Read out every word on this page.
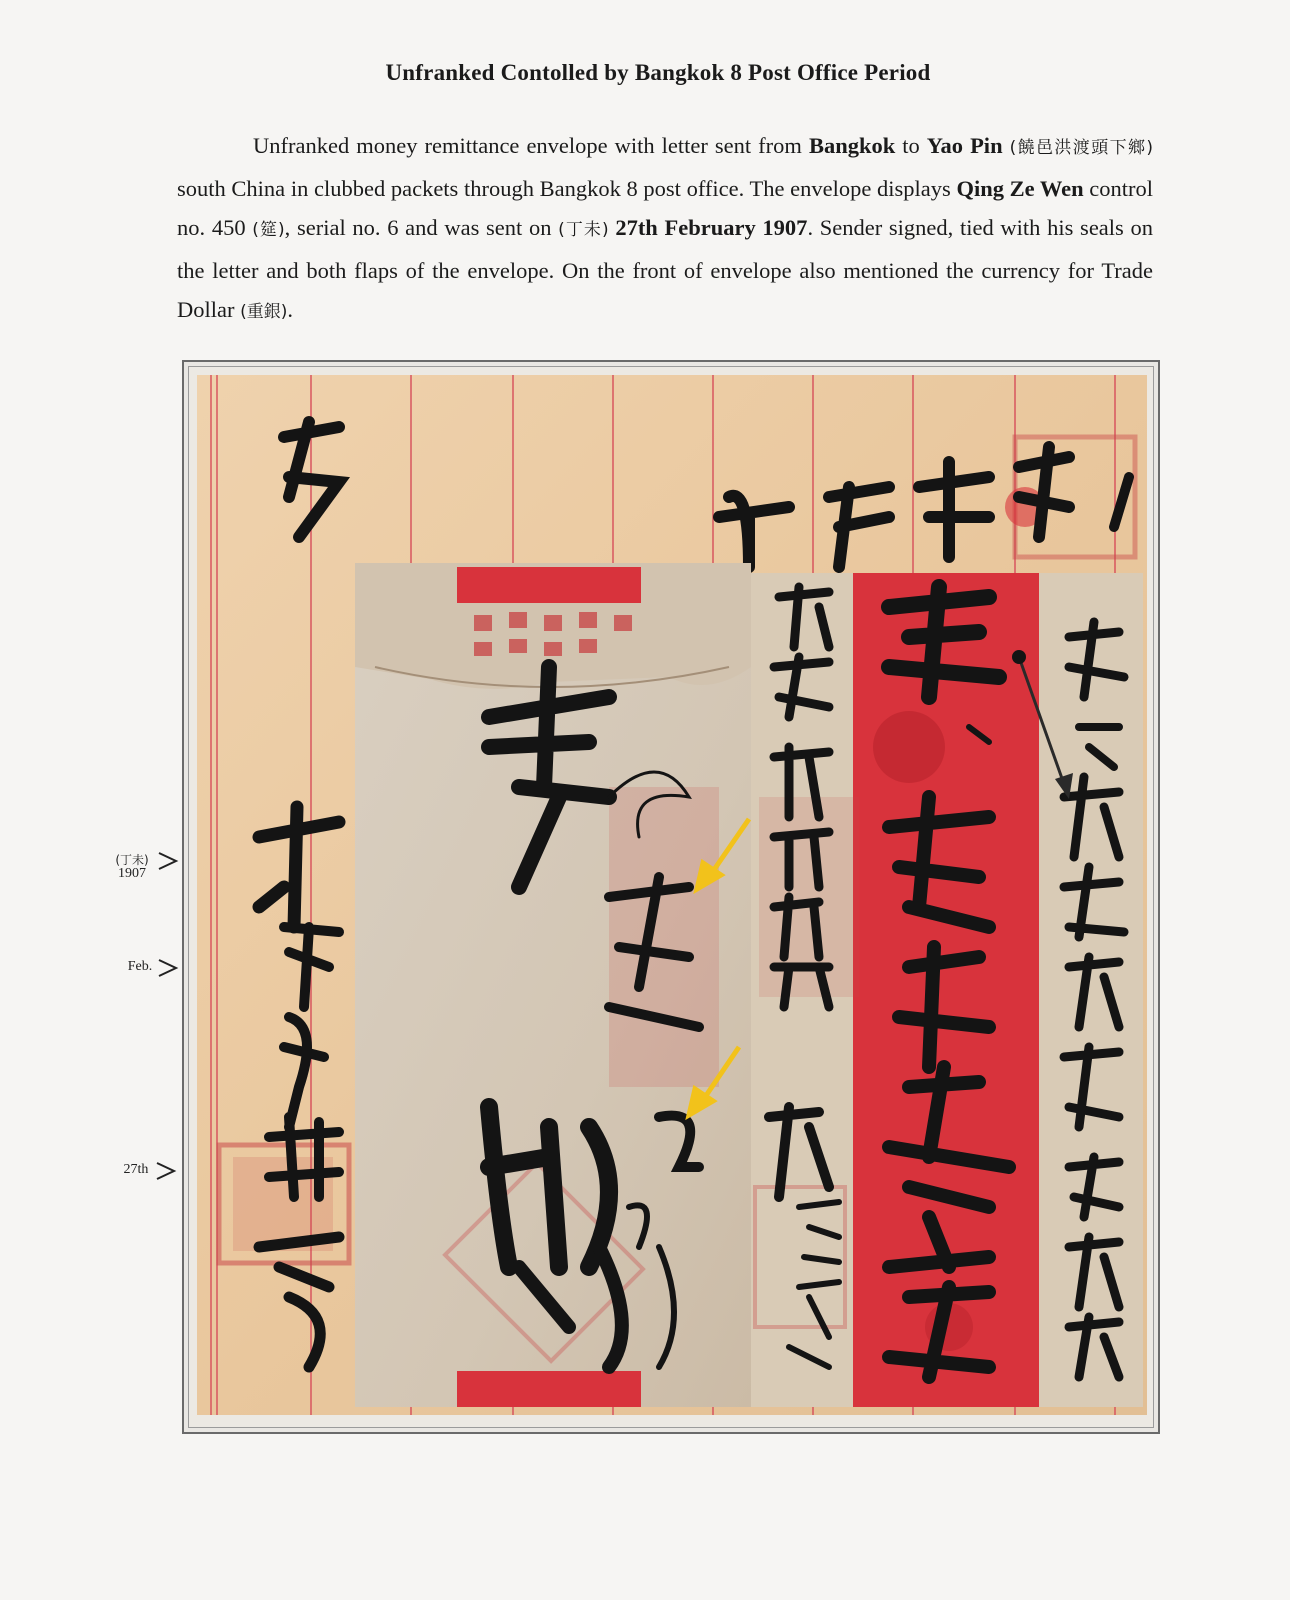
Unfranked Contolled by Bangkok 8 Post Office Period

Unfranked money remittance envelope with letter sent from Bangkok to Yao Pin (饒邑洪渡頭下鄉) south China in clubbed packets through Bangkok 8 post office. The envelope displays Qing Ze Wen control no. 450 (筵), serial no. 6 and was sent on (丁未) 27th February 1907. Sender signed, tied with his seals on the letter and both flaps of the envelope. On the front of envelope also mentioned the currency for Trade Dollar (重銀).

(丁未)
1907
Feb.
27th
